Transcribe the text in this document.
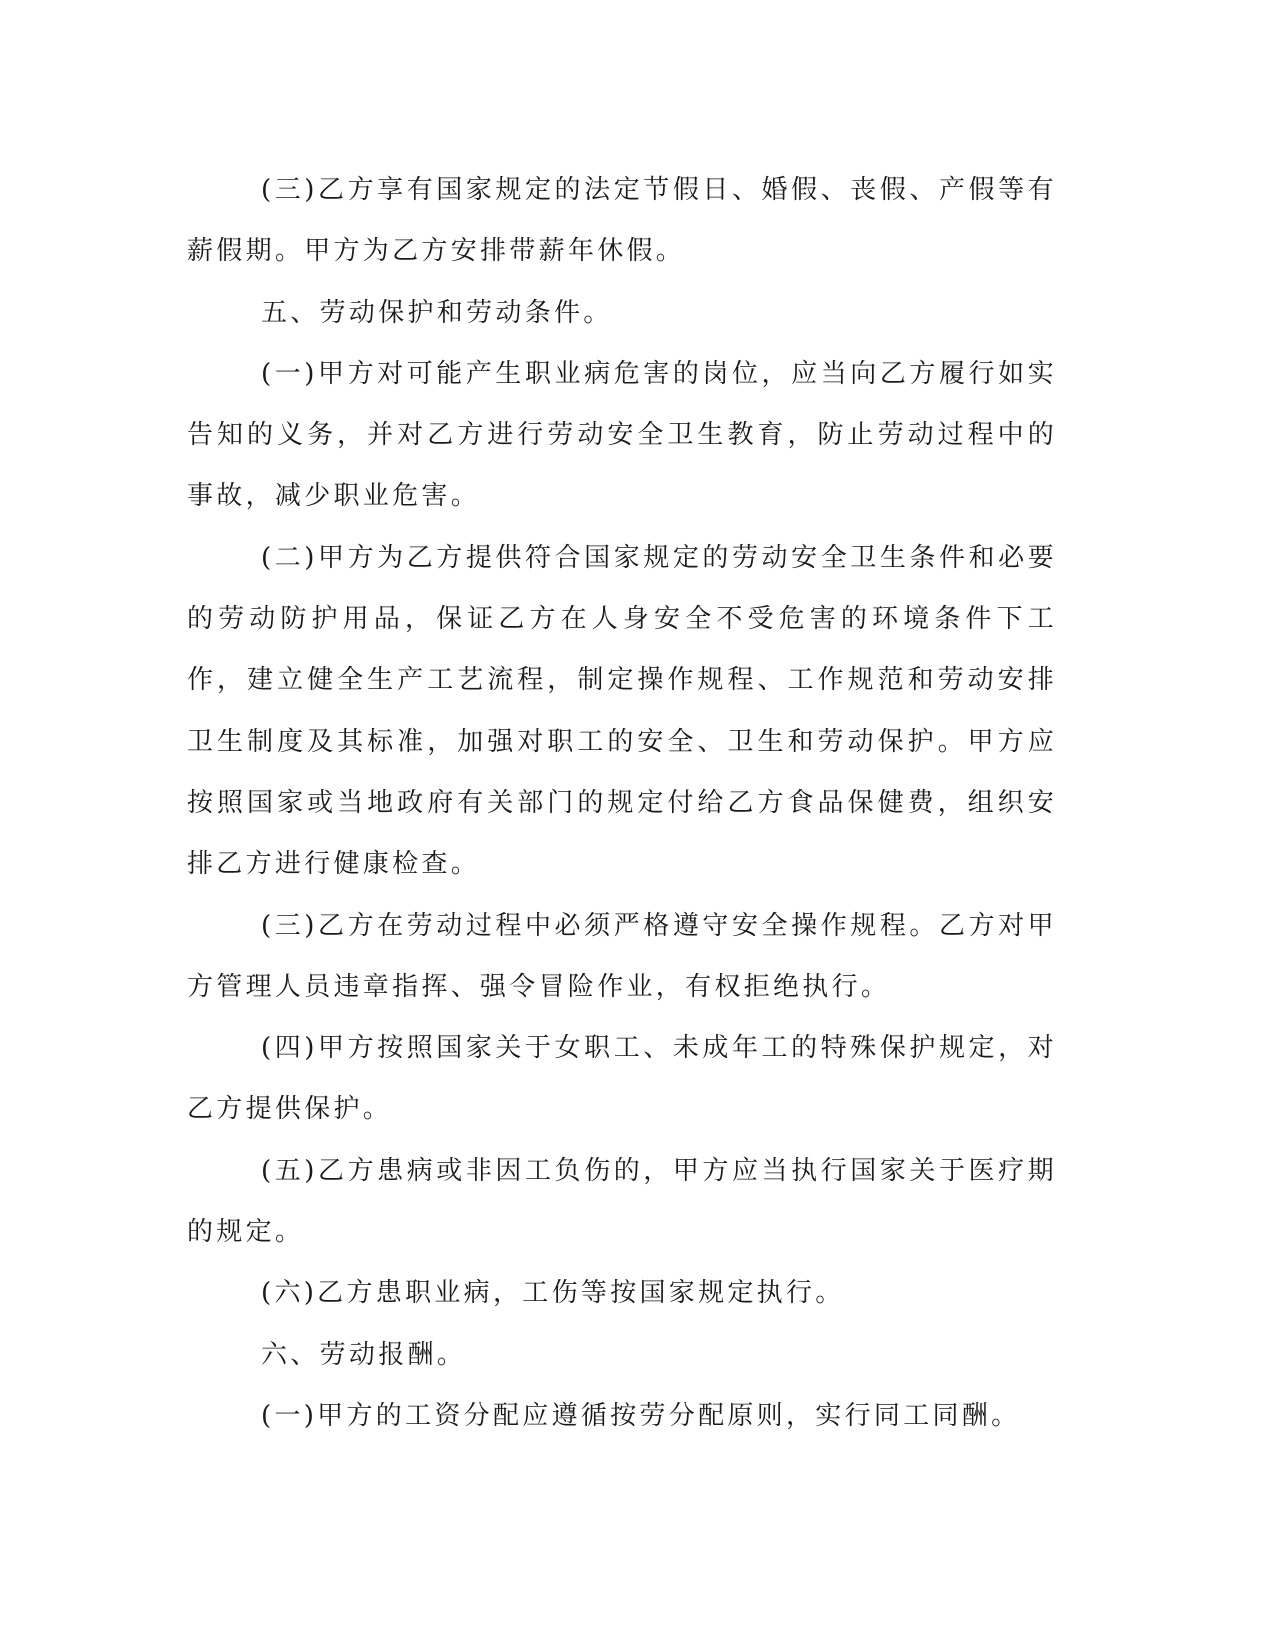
(三)乙方享有国家规定的法定节假日、婚假、丧假、产假等有薪假期。甲方为乙方安排带薪年休假。

五、劳动保护和劳动条件。

(一)甲方对可能产生职业病危害的岗位，应当向乙方履行如实告知的义务，并对乙方进行劳动安全卫生教育，防止劳动过程中的事故，减少职业危害。

(二)甲方为乙方提供符合国家规定的劳动安全卫生条件和必要的劳动防护用品，保证乙方在人身安全不受危害的环境条件下工作，建立健全生产工艺流程，制定操作规程、工作规范和劳动安排卫生制度及其标准，加强对职工的安全、卫生和劳动保护。甲方应按照国家或当地政府有关部门的规定付给乙方食品保健费，组织安排乙方进行健康检查。

(三)乙方在劳动过程中必须严格遵守安全操作规程。乙方对甲方管理人员违章指挥、强令冒险作业，有权拒绝执行。

(四)甲方按照国家关于女职工、未成年工的特殊保护规定，对乙方提供保护。

(五)乙方患病或非因工负伤的，甲方应当执行国家关于医疗期的规定。

(六)乙方患职业病，工伤等按国家规定执行。

六、劳动报酬。

(一)甲方的工资分配应遵循按劳分配原则，实行同工同酬。
